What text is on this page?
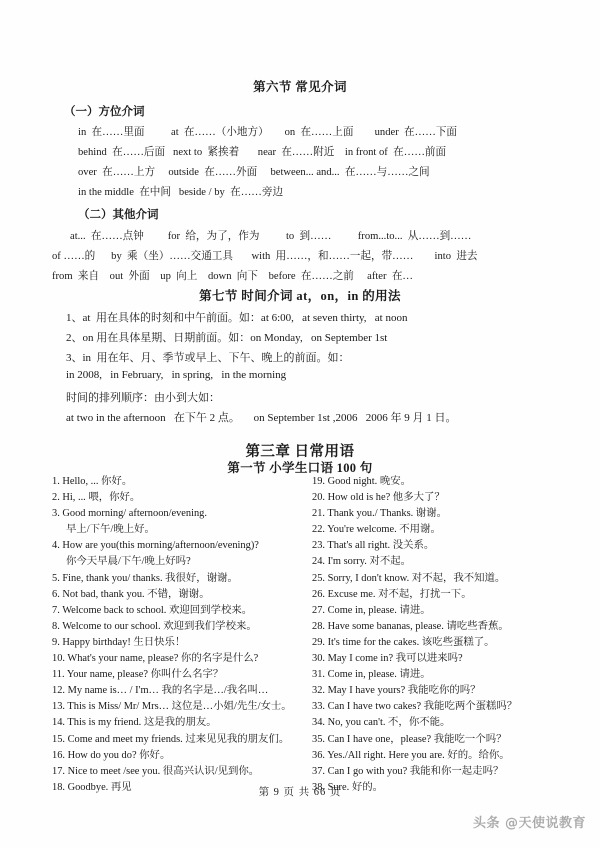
第六节 常见介词
（一）方位介词
in  在……里面          at  在……（小地方）      on  在……上面        under  在……下面
behind  在……后面   next to  紧挨着       near  在……附近    in front of  在……前面
over  在……上方     outside  在……外面     between... and...  在……与……之间
in the middle  在中间   beside / by  在……旁边
（二）其他介词
at...  在……点钟         for  给，为了，作为          to  到……          from...to...  从……到……
of ……的      by  乘（坐）……交通工具       with  用……，和……一起，带……        into  进去
from  来自    out  外面    up  向上    down  向下    before  在……之前     after  在…
第七节 时间介词 at，on，in 的用法
1、at  用在具体的时刻和中午前面。如：at 6:00,   at seven thirty,   at noon
2、on 用在具体星期、日期前面。如：on Monday,   on September 1st
3、in  用在年、月、季节或早上、下午、晚上的前面。如：
in 2008,   in February,   in spring,   in the morning
时间的排列顺序：由小到大如：
at two in the afternoon   在下午 2 点。     on September 1st ,2006   2006 年 9 月 1 日。
第三章 日常用语
第一节 小学生口语 100 句
1. Hello, ... 你好。
2. Hi, ... 喂，你好。
3. Good morning/ afternoon/evening.
早上/下午/晚上好。
4. How are you(this morning/afternoon/evening)?
你今天早晨/下午/晚上好吗?
5. Fine, thank you/ thanks. 我很好，谢谢。
6. Not bad, thank you. 不错，谢谢。
7. Welcome back to school. 欢迎回到学校来。
8. Welcome to our school. 欢迎到我们学校来。
9. Happy birthday! 生日快乐！
10. What's your name, please? 你的名字是什么?
11. Your name, please? 你叫什么名字？
12. My name is… / I'm… 我的名字是…/我名叫…
13. This is Miss/ Mr/ Mrs… 这位是…小姐/先生/女士。
14. This is my friend. 这是我的朋友。
15. Come and meet my friends. 过来见见我的朋友们。
16. How do you do? 你好。
17. Nice to meet /see you. 很高兴认识/见到你。
18. Goodbye. 再见
19. Good night. 晚安。
20. How old is he? 他多大了？
21. Thank you./ Thanks. 谢谢。
22. You're welcome. 不用谢。
23. That's all right. 没关系。
24. I'm sorry. 对不起。
25. Sorry, I don't know. 对不起，我不知道。
26. Excuse me. 对不起，打扰一下。
27. Come in, please. 请进。
28. Have some bananas, please. 请吃些香蕉。
29. It's time for the cakes. 该吃些蛋糕了。
30. May I come in? 我可以进来吗?
31. Come in, please. 请进。
32. May I have yours? 我能吃你的吗？
33. Can I have two cakes? 我能吃两个蛋糕吗？
34. No, you can't. 不，你不能。
35. Can I have one，please? 我能吃一个吗？
36. Yes./All right. Here you are. 好的。给你。
37. Can I go with you? 我能和你一起走吗？
38. Sure. 好的。
第 9 页 共 66 页
头条 @天使说教育
